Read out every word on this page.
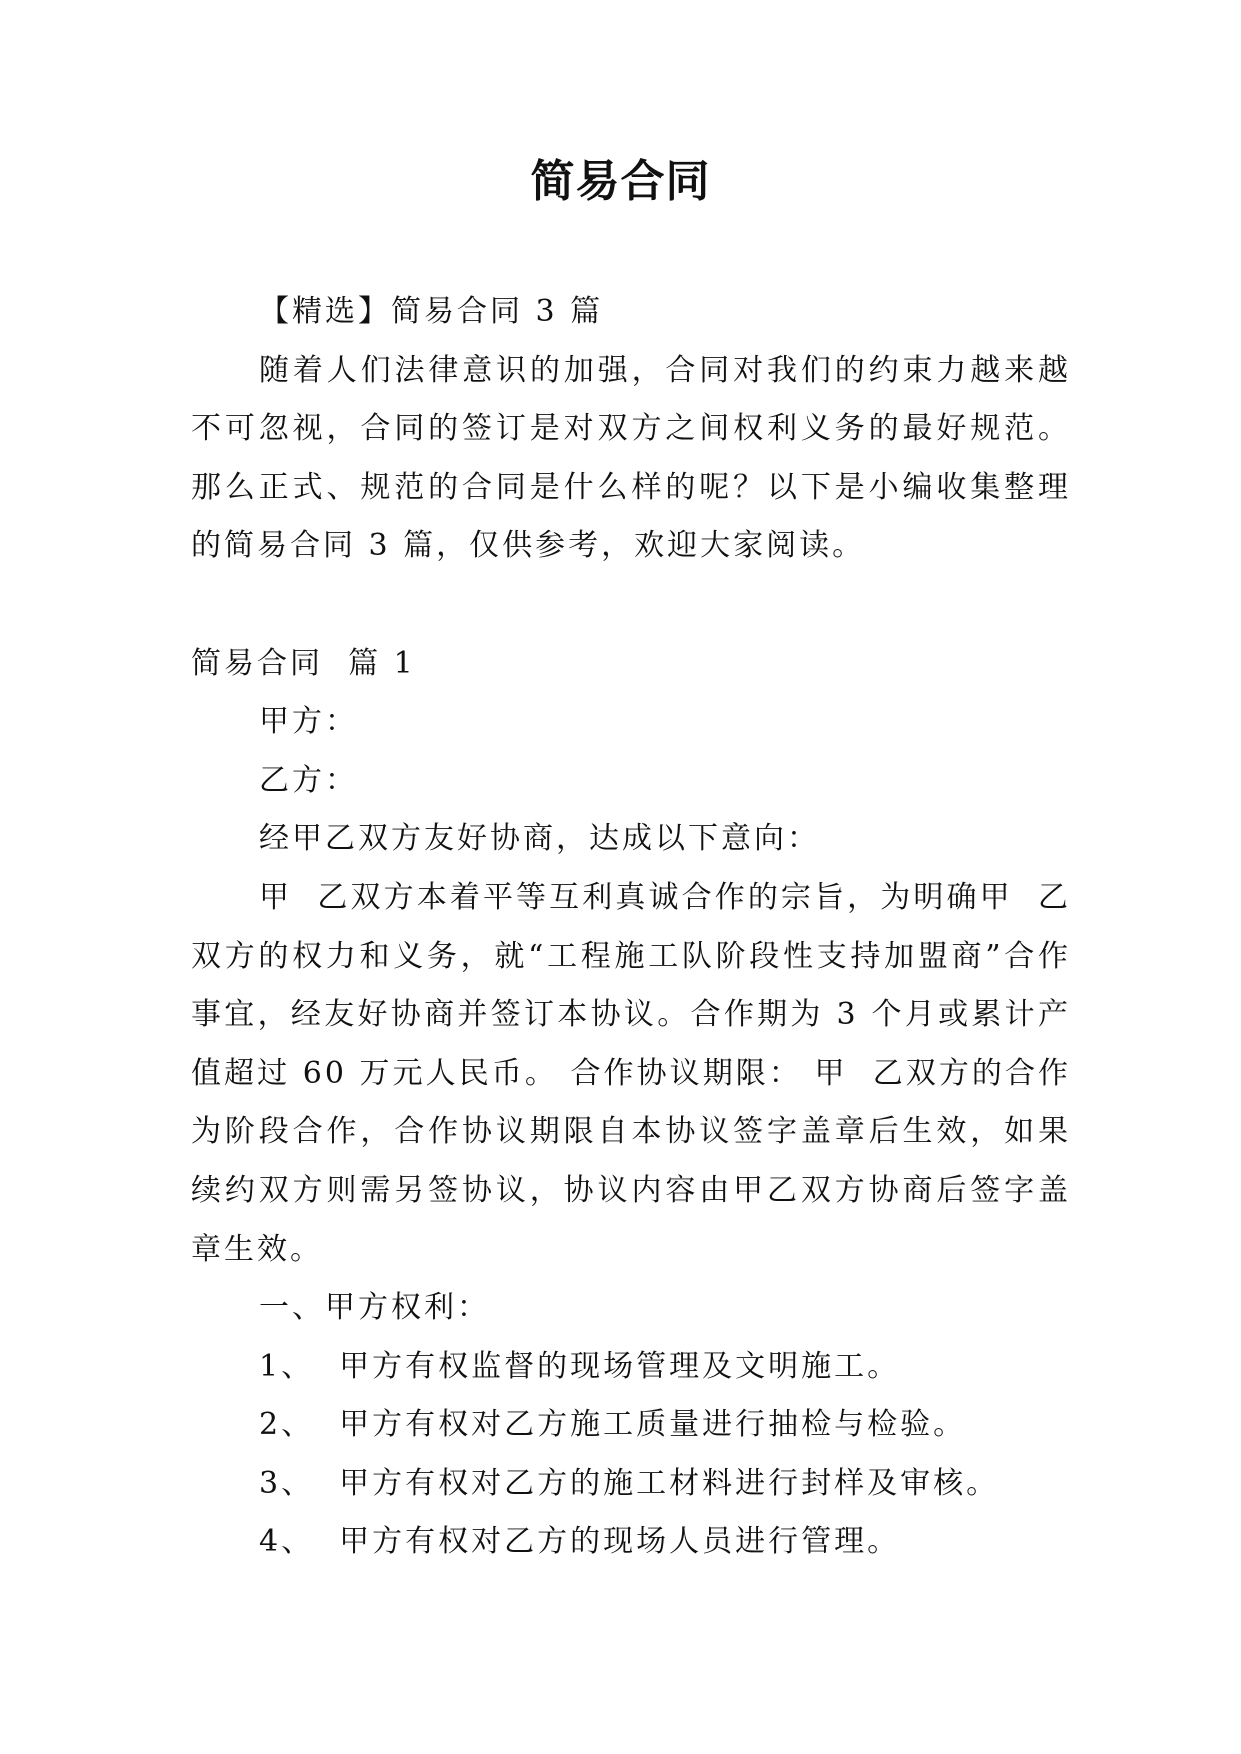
简易合同

【精选】简易合同 3 篇

随着人们法律意识的加强，合同对我们的约束力越来越不可忽视，合同的签订是对双方之间权利义务的最好规范。那么正式、规范的合同是什么样的呢？以下是小编收集整理的简易合同 3 篇，仅供参考，欢迎大家阅读。

简易合同  篇 1

甲方：

乙方：

经甲乙双方友好协商，达成以下意向：

甲  乙双方本着平等互利真诚合作的宗旨，为明确甲  乙双方的权力和义务，就“工程施工队阶段性支持加盟商”合作事宜，经友好协商并签订本协议。合作期为 3 个月或累计产值超过 60 万元人民币。 合作协议期限： 甲  乙双方的合作为阶段合作，合作协议期限自本协议签字盖章后生效，如果续约双方则需另签协议，协议内容由甲乙双方协商后签字盖章生效。

一、甲方权利：

1、  甲方有权监督的现场管理及文明施工。

2、  甲方有权对乙方施工质量进行抽检与检验。

3、  甲方有权对乙方的施工材料进行封样及审核。

4、  甲方有权对乙方的现场人员进行管理。
